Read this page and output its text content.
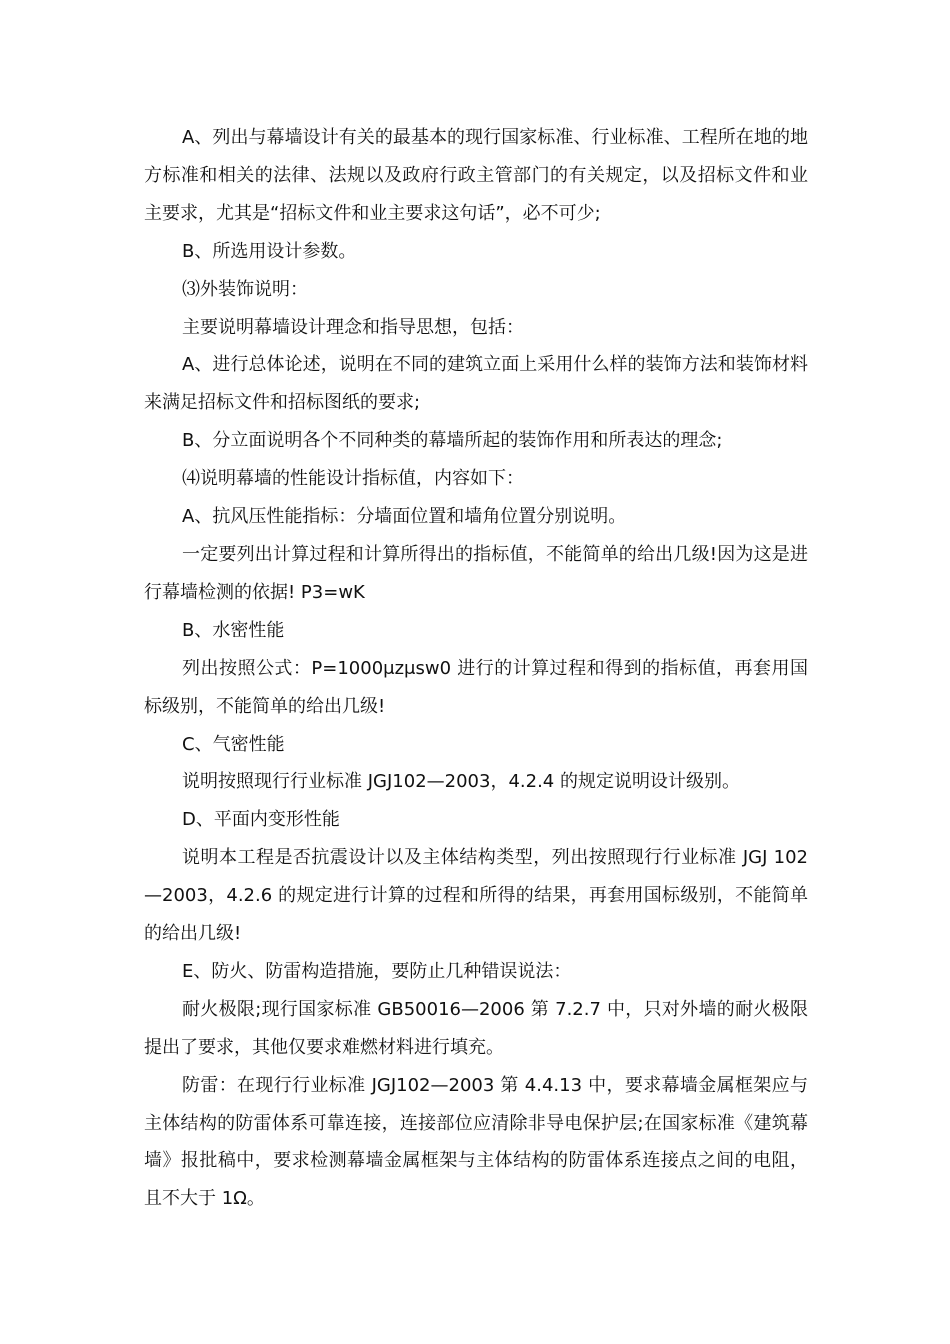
A、列出与幕墙设计有关的最基本的现行国家标准、行业标准、工程所在地的地方标准和相关的法律、法规以及政府行政主管部门的有关规定，以及招标文件和业主要求，尤其是“招标文件和业主要求这句话”，必不可少;

B、所选用设计参数。

⑶外装饰说明：

主要说明幕墙设计理念和指导思想，包括：

A、进行总体论述，说明在不同的建筑立面上采用什么样的装饰方法和装饰材料来满足招标文件和招标图纸的要求;

B、分立面说明各个不同种类的幕墙所起的装饰作用和所表达的理念;

⑷说明幕墙的性能设计指标值，内容如下：

A、抗风压性能指标：分墙面位置和墙角位置分别说明。

一定要列出计算过程和计算所得出的指标值，不能简单的给出几级!因为这是进行幕墙检测的依据! P3=wK

B、水密性能

列出按照公式：P=1000μzμsw0 进行的计算过程和得到的指标值，再套用国标级别，不能简单的给出几级!

C、气密性能

说明按照现行行业标准 JGJ102—2003，4.2.4 的规定说明设计级别。

D、平面内变形性能

说明本工程是否抗震设计以及主体结构类型，列出按照现行行业标准 JGJ 102—2003，4.2.6 的规定进行计算的过程和所得的结果，再套用国标级别，不能简单的给出几级!

E、防火、防雷构造措施，要防止几种错误说法：

耐火极限;现行国家标准 GB50016—2006 第 7.2.7 中，只对外墙的耐火极限提出了要求，其他仅要求难燃材料进行填充。

防雷：在现行行业标准 JGJ102—2003 第 4.4.13 中，要求幕墙金属框架应与主体结构的防雷体系可靠连接，连接部位应清除非导电保护层;在国家标准《建筑幕墙》报批稿中，要求检测幕墙金属框架与主体结构的防雷体系连接点之间的电阻，且不大于 1Ω。
